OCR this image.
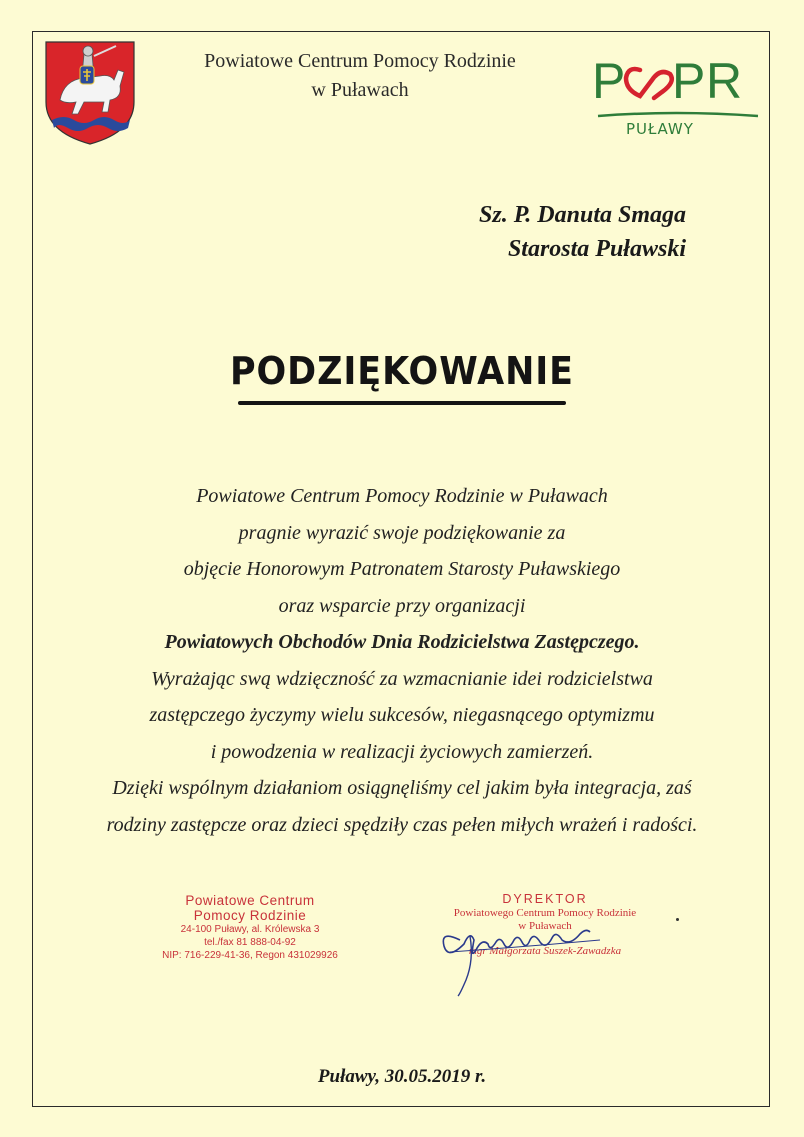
Powiatowe Centrum Pomocy Rodzinie
w Puławach	P P R
PUŁAWY
Sz. P. Danuta Smaga
Starosta Puławski
PODZIĘKOWANIE
Powiatowe Centrum Pomocy Rodzinie w Puławach
pragnie wyrazić swoje podziękowanie za
objęcie Honorowym Patronatem Starosty Puławskiego
oraz wsparcie przy organizacji
Powiatowych Obchodów Dnia Rodzicielstwa Zastępczego.
Wyrażając swą wdzięczność za wzmacnianie idei rodzicielstwa
zastępczego życzymy wielu sukcesów, niegasnącego optymizmu
i powodzenia w realizacji życiowych zamierzeń.
Dzięki wspólnym działaniom osiągnęliśmy cel jakim była integracja, zaś
rodziny zastępcze oraz dzieci spędziły czas pełen miłych wrażeń i radości.
Powiatowe Centrum
Pomocy Rodzinie
24-100 Puławy, al. Królewska 3
tel./fax 81 888-04-92
NIP: 716-229-41-36, Regon 431029926
DYREKTOR
Powiatowego Centrum Pomocy Rodzinie
w Puławach
mgr Małgorzata Suszek-Zawadzka
Puławy, 30.05.2019 r.
